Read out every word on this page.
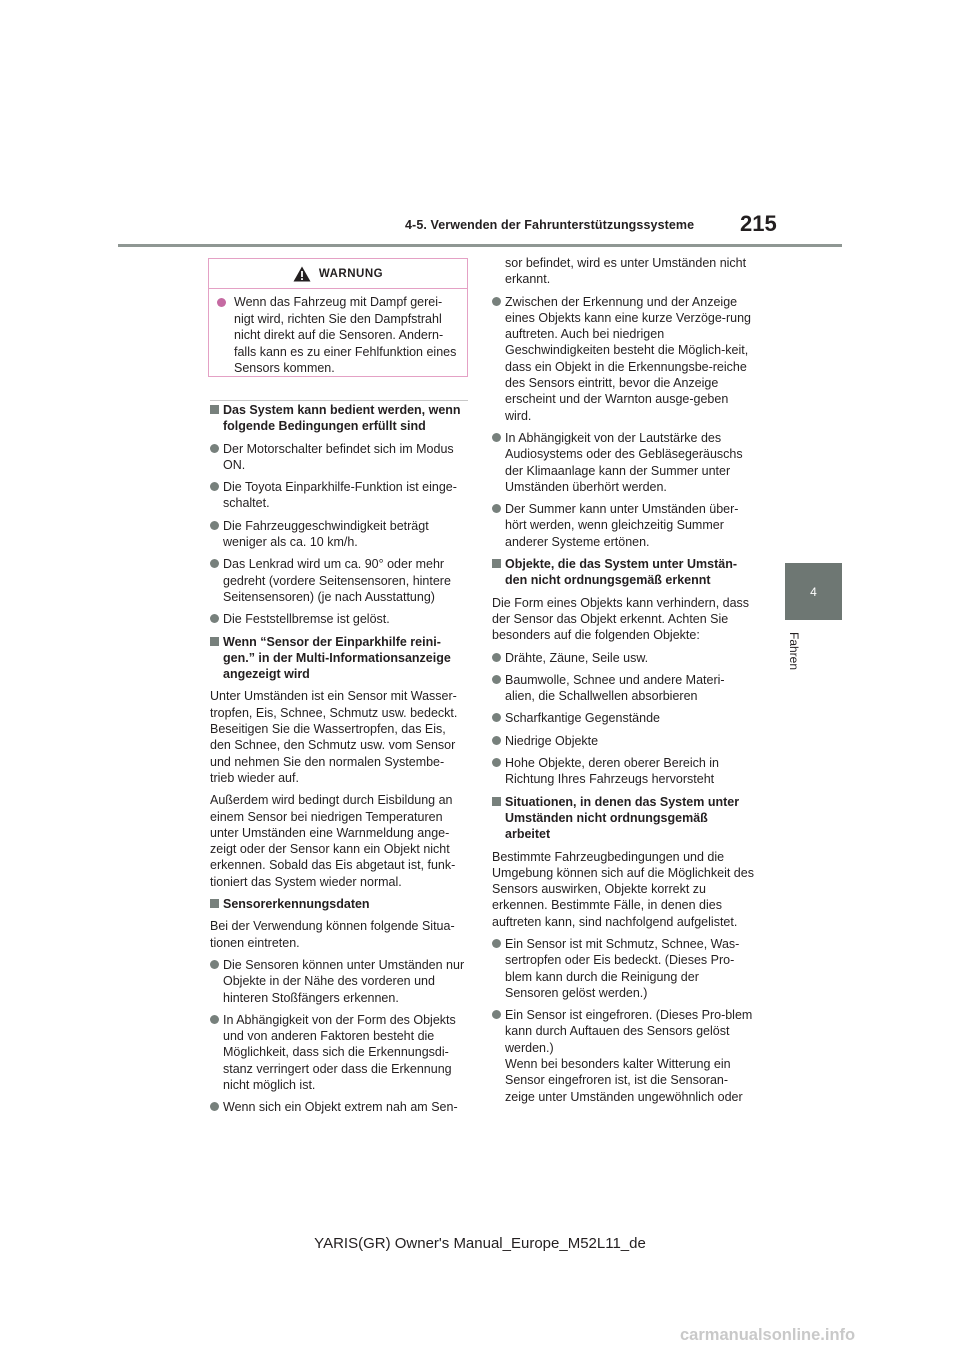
4-5. Verwenden der Fahrunterstützungssysteme 215
4
Fahren
WARNUNG
Wenn das Fahrzeug mit Dampf gerei-nigt wird, richten Sie den Dampfstrahl nicht direkt auf die Sensoren. Andern-falls kann es zu einer Fehlfunktion eines Sensors kommen.
Das System kann bedient werden, wenn folgende Bedingungen erfüllt sind
Der Motorschalter befindet sich im Modus ON.
Die Toyota Einparkhilfe-Funktion ist einge-schaltet.
Die Fahrzeuggeschwindigkeit beträgt weniger als ca. 10 km/h.
Das Lenkrad wird um ca. 90° oder mehr gedreht (vordere Seitensensoren, hintere Seitensensoren) (je nach Ausstattung)
Die Feststellbremse ist gelöst.
Wenn “Sensor der Einparkhilfe reini-gen.” in der Multi-Informationsanzeige angezeigt wird

Unter Umständen ist ein Sensor mit Wasser-tropfen, Eis, Schnee, Schmutz usw. bedeckt. Beseitigen Sie die Wassertropfen, das Eis, den Schnee, den Schmutz usw. vom Sensor und nehmen Sie den normalen Systembe-trieb wieder auf.

Außerdem wird bedingt durch Eisbildung an einem Sensor bei niedrigen Temperaturen unter Umständen eine Warnmeldung ange-zeigt oder der Sensor kann ein Objekt nicht erkennen. Sobald das Eis abgetaut ist, funk-tioniert das System wieder normal.

Sensorerkennungsdaten

Bei der Verwendung können folgende Situa-tionen eintreten.

Die Sensoren können unter Umständen nur Objekte in der Nähe des vorderen und hinteren Stoßfängers erkennen.
In Abhängigkeit von der Form des Objekts und von anderen Faktoren besteht die Möglichkeit, dass sich die Erkennungsdi-stanz verringert oder dass die Erkennung nicht möglich ist.
Wenn sich ein Objekt extrem nah am Sen-
sor befindet, wird es unter Umständen nicht erkannt.
Zwischen der Erkennung und der Anzeige eines Objekts kann eine kurze Verzöge-rung auftreten. Auch bei niedrigen Geschwindigkeiten besteht die Möglich-keit, dass ein Objekt in die Erkennungsbe-reiche des Sensors eintritt, bevor die Anzeige erscheint und der Warnton ausge-geben wird.
In Abhängigkeit von der Lautstärke des Audiosystems oder des Gebläsegeräuschs der Klimaanlage kann der Summer unter Umständen überhört werden.
Der Summer kann unter Umständen über-hört werden, wenn gleichzeitig Summer anderer Systeme ertönen.
Objekte, die das System unter Umstän-den nicht ordnungsgemäß erkennt

Die Form eines Objekts kann verhindern, dass der Sensor das Objekt erkennt. Achten Sie besonders auf die folgenden Objekte:

Drähte, Zäune, Seile usw.
Baumwolle, Schnee und andere Materi-alien, die Schallwellen absorbieren
Scharfkantige Gegenstände
Niedrige Objekte
Hohe Objekte, deren oberer Bereich in Richtung Ihres Fahrzeugs hervorsteht
Situationen, in denen das System unter Umständen nicht ordnungsgemäß arbeitet

Bestimmte Fahrzeugbedingungen und die Umgebung können sich auf die Möglichkeit des Sensors auswirken, Objekte korrekt zu erkennen. Bestimmte Fälle, in denen dies auftreten kann, sind nachfolgend aufgelistet.

Ein Sensor ist mit Schmutz, Schnee, Was-sertropfen oder Eis bedeckt. (Dieses Pro-blem kann durch die Reinigung der Sensoren gelöst werden.)
Ein Sensor ist eingefroren. (Dieses Pro-blem kann durch Auftauen des Sensors gelöst werden.)
Wenn bei besonders kalter Witterung ein Sensor eingefroren ist, ist die Sensoran-zeige unter Umständen ungewöhnlich oder
YARIS(GR) Owner's Manual_Europe_M52L11_de
carmanualsonline.info
